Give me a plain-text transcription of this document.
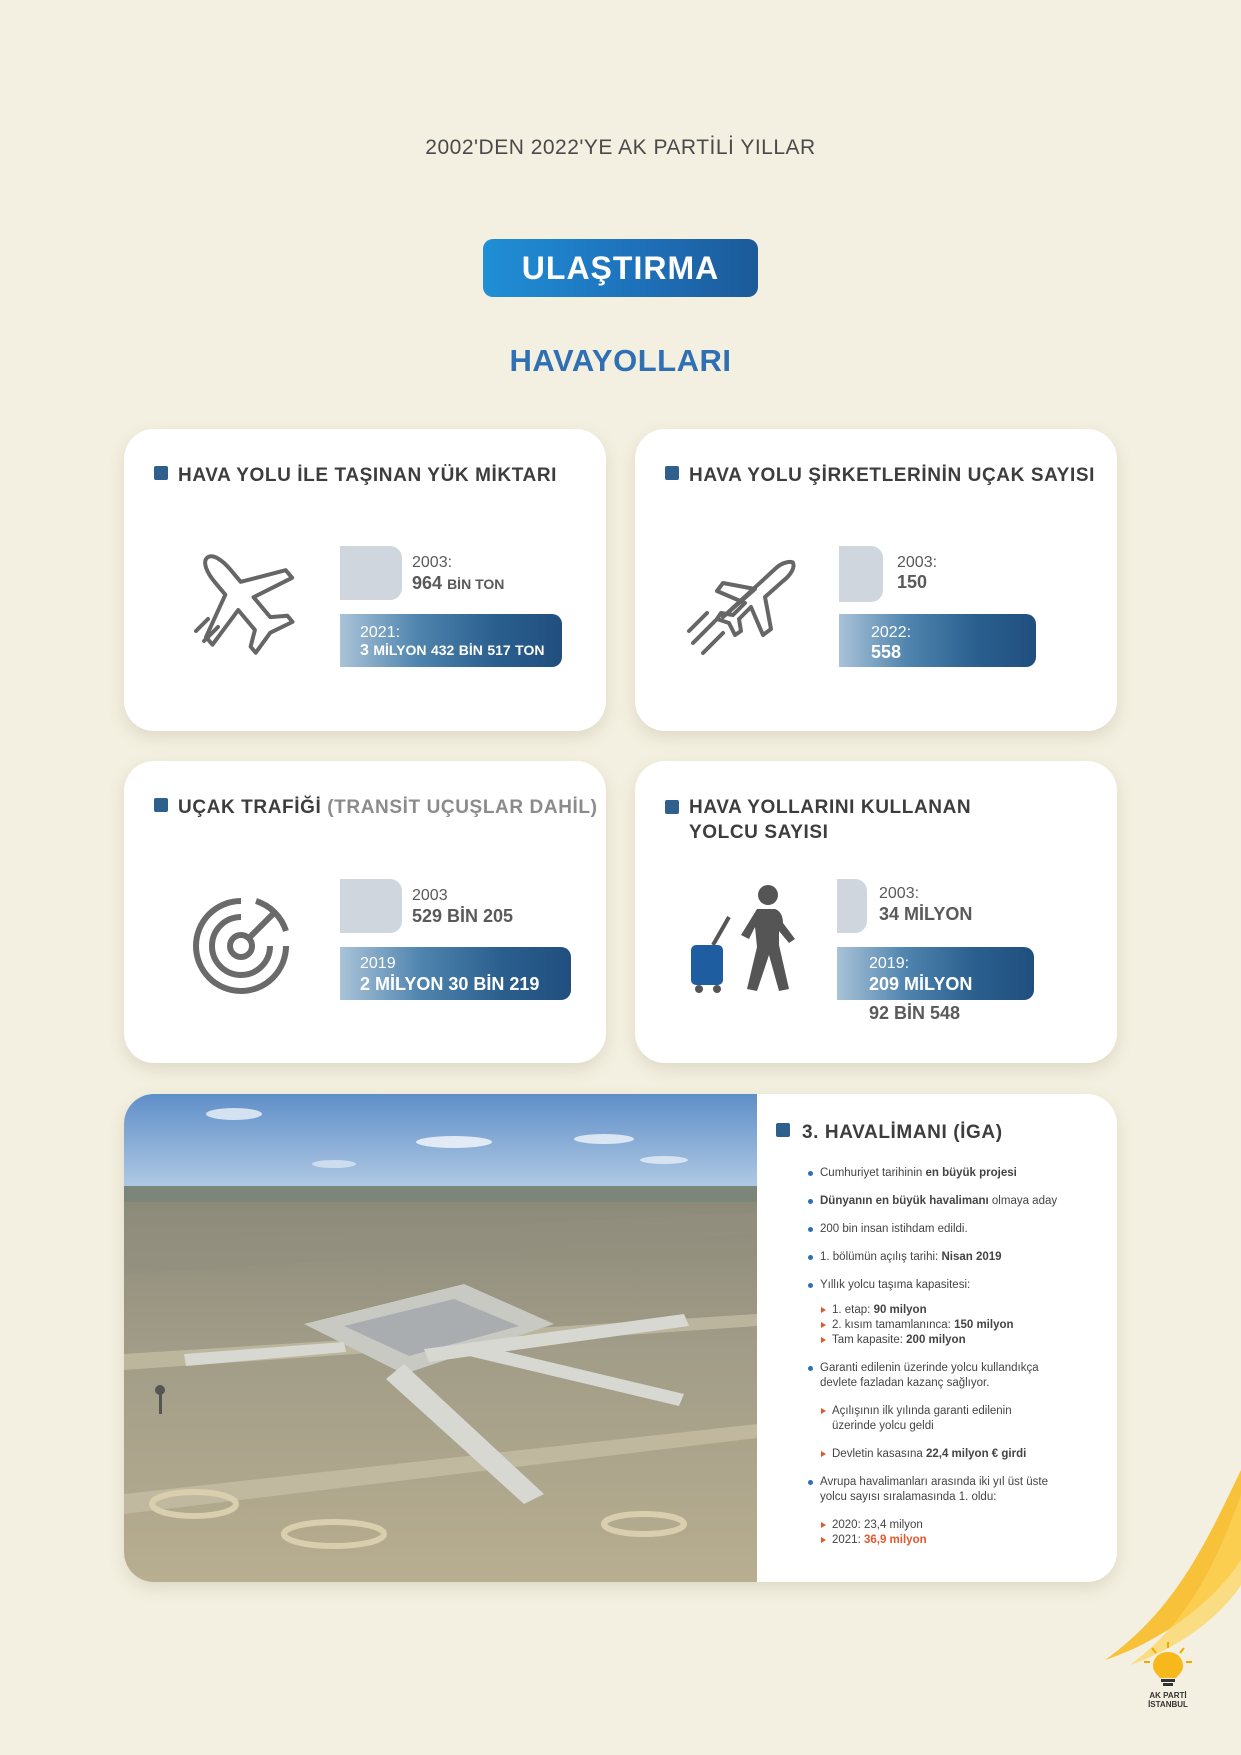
2002'DEN 2022'YE AK PARTİLİ YILLAR
ULAŞTIRMA
HAVAYOLLARI
HAVA YOLU İLE TAŞINAN YÜK MİKTARI
2003:
964 BİN TON
2021:
3 MİLYON 432 BİN 517 TON
HAVA YOLU ŞİRKETLERİNİN UÇAK SAYISI
2003:
150
2022:
558
UÇAK TRAFİĞİ (TRANSİT UÇUŞLAR DAHİL)
2003
529 BİN 205
2019
2 MİLYON 30 BİN 219
HAVA YOLLARINI KULLANAN
YOLCU SAYISI
2003:
34 MİLYON
2019:
209 MİLYON
92 BİN 548
3. HAVALİMANI (İGA)
Cumhuriyet tarihinin en büyük projesi
Dünyanın en büyük havalimanı olmaya aday
200 bin insan istihdam edildi.
1. bölümün açılış tarihi: Nisan 2019
Yıllık yolcu taşıma kapasitesi:
1. etap: 90 milyon
2. kısım tamamlanınca: 150 milyon
Tam kapasite: 200 milyon
Garanti edilenin üzerinde yolcu kullandıkça
devlete fazladan kazanç sağlıyor.
Açılışının ilk yılında garanti edilenin
üzerinde yolcu geldi
Devletin kasasına 22,4 milyon € girdi
Avrupa havalimanları arasında iki yıl üst üste
yolcu sayısı sıralamasında 1. oldu:
2020: 23,4 milyon
2021: 36,9 milyon
AK PARTİ
İSTANBUL
